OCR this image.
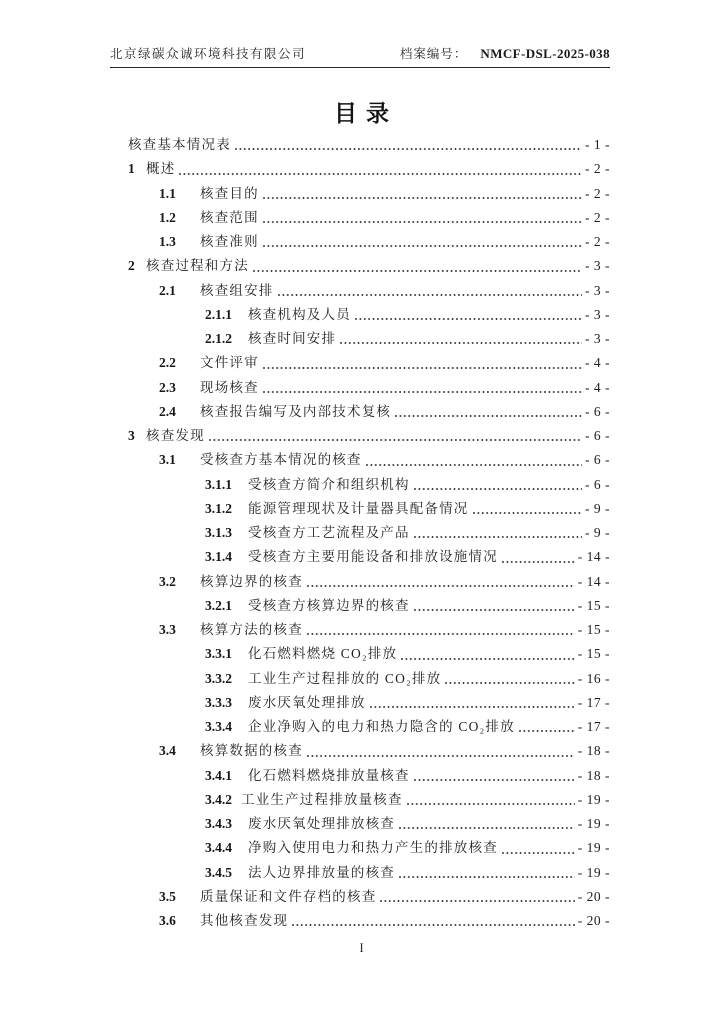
北京绿碳众诚环境科技有限公司	档案编号： NMCF-DSL-2025-038
目录
核查基本情况表	- 1 -
1 概述	- 2 -
1.1	核查目的	- 2 -
1.2	核查范围	- 2 -
1.3	核查准则	- 2 -
2 核查过程和方法	- 3 -
2.1	核查组安排	- 3 -
2.1.1	核查机构及人员	- 3 -
2.1.2	核查时间安排	- 3 -
2.2	文件评审	- 4 -
2.3	现场核查	- 4 -
2.4	核查报告编写及内部技术复核	- 6 -
3 核查发现	- 6 -
3.1	受核查方基本情况的核查	- 6 -
3.1.1	受核查方简介和组织机构	- 6 -
3.1.2	能源管理现状及计量器具配备情况	- 9 -
3.1.3	受核查方工艺流程及产品	- 9 -
3.1.4	受核查方主要用能设备和排放设施情况	- 14 -
3.2	核算边界的核查	- 14 -
3.2.1	受核查方核算边界的核查	- 15 -
3.3	核算方法的核查	- 15 -
3.3.1	化石燃料燃烧 CO₂排放	- 15 -
3.3.2	工业生产过程排放的 CO₂排放	- 16 -
3.3.3	废水厌氧处理排放	- 17 -
3.3.4	企业净购入的电力和热力隐含的 CO₂排放	- 17 -
3.4	核算数据的核查	- 18 -
3.4.1	化石燃料燃烧排放量核查	- 18 -
3.4.2 工业生产过程排放量核查	- 19 -
3.4.3	废水厌氧处理排放核查	- 19 -
3.4.4	净购入使用电力和热力产生的排放核查	- 19 -
3.4.5	法人边界排放量的核查	- 19 -
3.5	质量保证和文件存档的核查	- 20 -
3.6	其他核查发现	- 20 -
I
